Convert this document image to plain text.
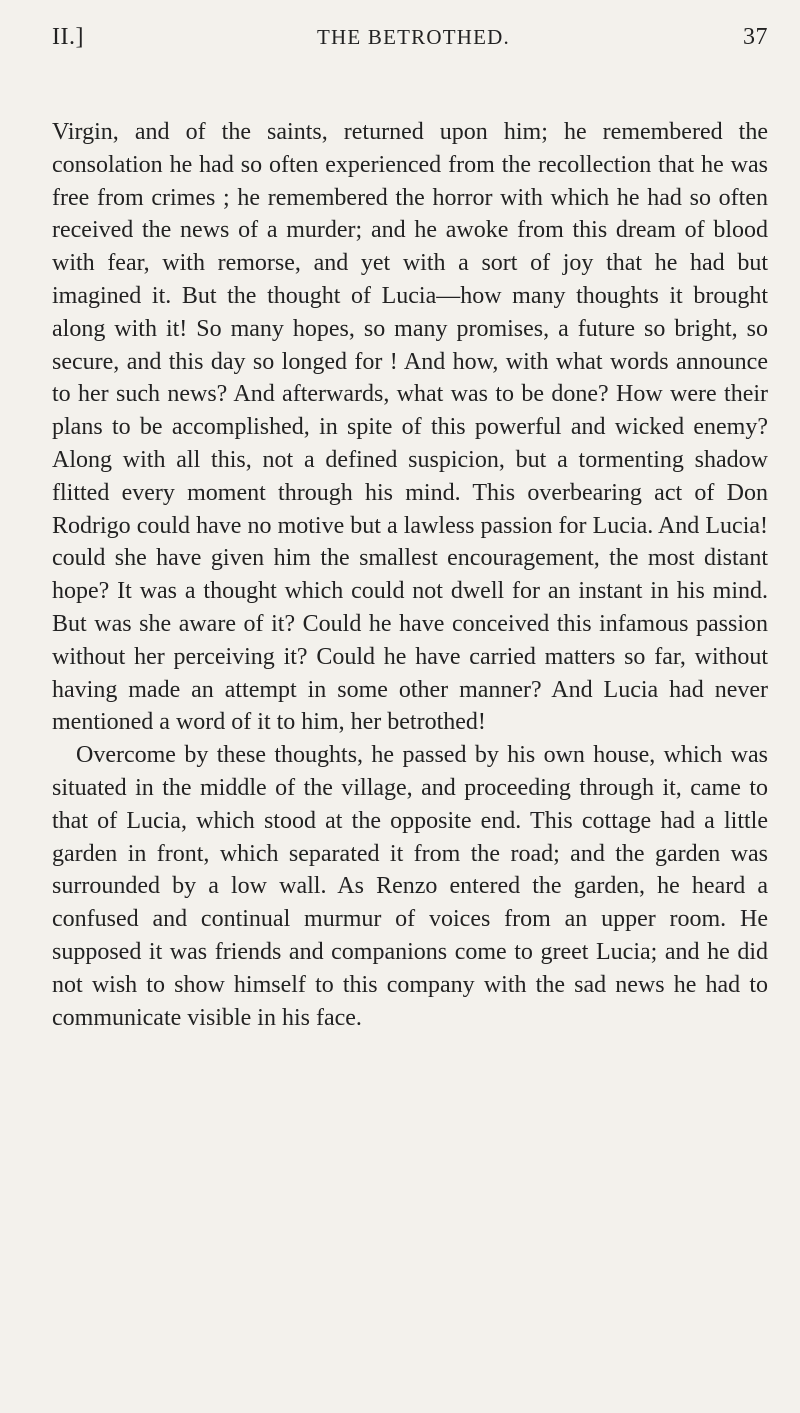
II.]	THE BETROTHED.	37

Virgin, and of the saints, returned upon him; he remembered the consolation he had so often experienced from the recollection that he was free from crimes ; he remembered the horror with which he had so often received the news of a murder; and he awoke from this dream of blood with fear, with remorse, and yet with a sort of joy that he had but imagined it. But the thought of Lucia—how many thoughts it brought along with it! So many hopes, so many promises, a future so bright, so secure, and this day so longed for ! And how, with what words announce to her such news? And afterwards, what was to be done? How were their plans to be accomplished, in spite of this powerful and wicked enemy? Along with all this, not a defined suspicion, but a tormenting shadow flitted every moment through his mind. This overbearing act of Don Rodrigo could have no motive but a lawless passion for Lucia. And Lucia! could she have given him the smallest encouragement, the most distant hope? It was a thought which could not dwell for an instant in his mind. But was she aware of it? Could he have conceived this infamous passion without her perceiving it? Could he have carried matters so far, without having made an attempt in some other manner? And Lucia had never mentioned a word of it to him, her betrothed!

Overcome by these thoughts, he passed by his own house, which was situated in the middle of the village, and proceeding through it, came to that of Lucia, which stood at the opposite end. This cottage had a little garden in front, which separated it from the road; and the garden was surrounded by a low wall. As Renzo entered the garden, he heard a confused and continual murmur of voices from an upper room. He supposed it was friends and companions come to greet Lucia; and he did not wish to show himself to this company with the sad news he had to communicate visible in his face.
